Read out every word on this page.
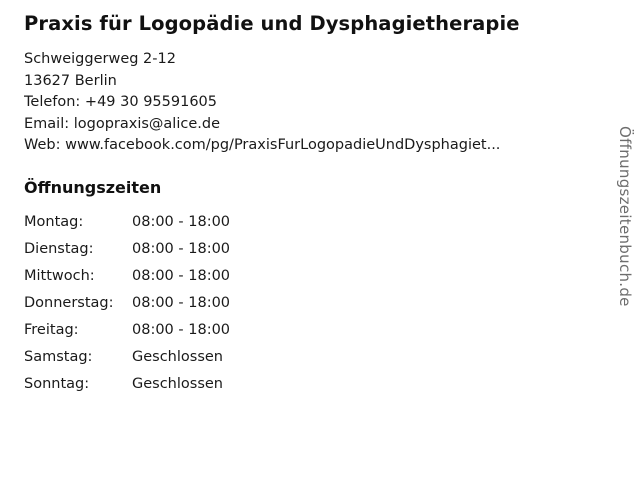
Praxis für Logopädie und Dysphagietherapie
Schweiggerweg 2-12
13627 Berlin
Telefon: +49 30 95591605
Email: logopraxis@alice.de
Web: www.facebook.com/pg/PraxisFurLogopadieUndDysphagiet...
Öffnungszeiten
Montag:	08:00 - 18:00
Dienstag:	08:00 - 18:00
Mittwoch:	08:00 - 18:00
Donnerstag:	08:00 - 18:00
Freitag:	08:00 - 18:00
Samstag:	Geschlossen
Sonntag:	Geschlossen
Öffnungszeitenbuch.de
